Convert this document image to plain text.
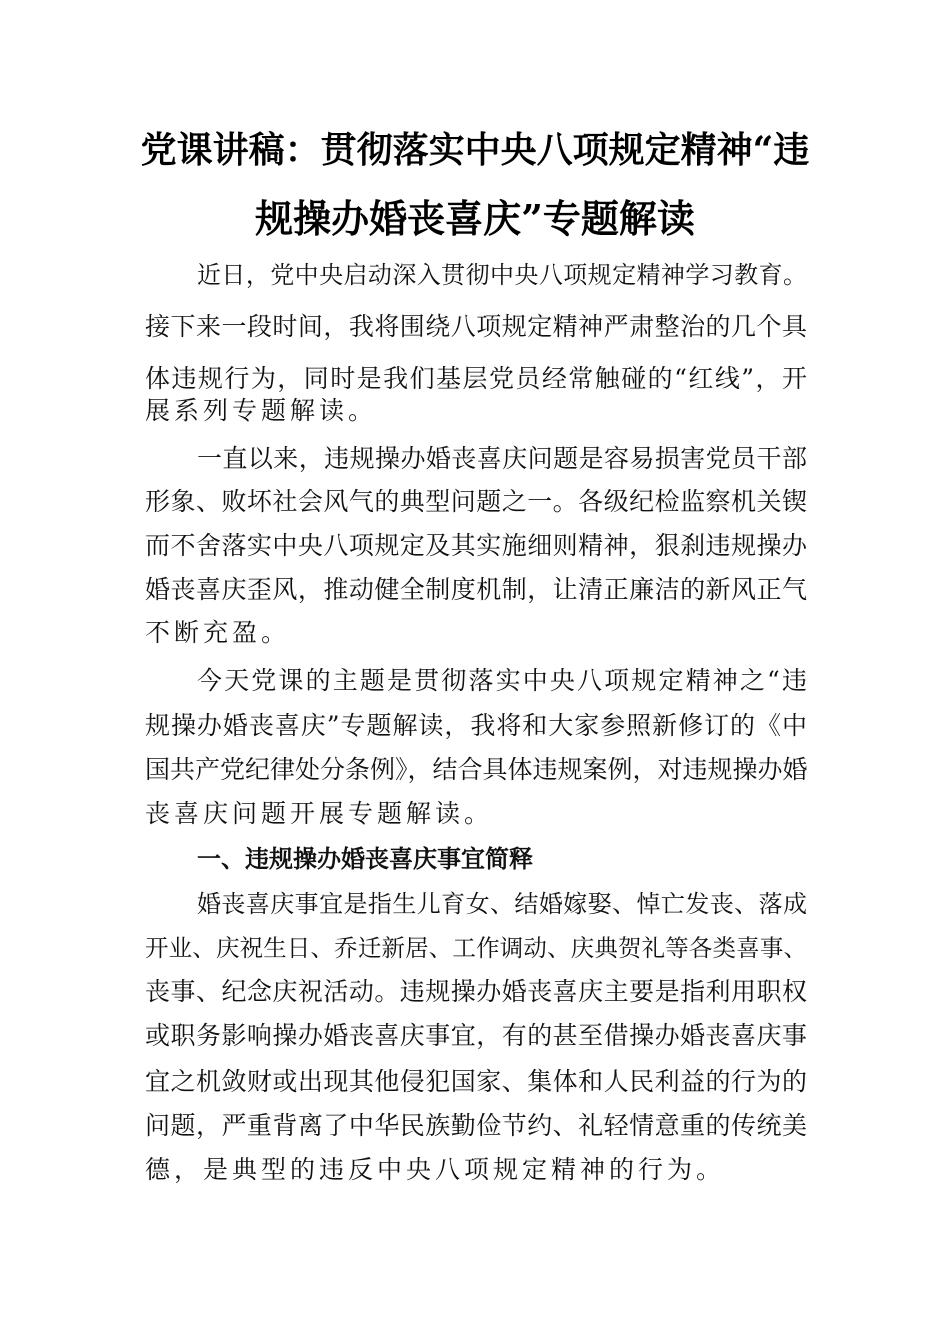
党课讲稿：贯彻落实中央八项规定精神“违
规操办婚丧喜庆”专题解读
近日，党中央启动深入贯彻中央八项规定精神学习教育。
接下来一段时间，我将围绕八项规定精神严肃整治的几个具
体违规行为，同时是我们基层党员经常触碰的“红线”，开
展系列专题解读。
一直以来，违规操办婚丧喜庆问题是容易损害党员干部
形象、败坏社会风气的典型问题之一。各级纪检监察机关锲
而不舍落实中央八项规定及其实施细则精神，狠刹违规操办
婚丧喜庆歪风，推动健全制度机制，让清正廉洁的新风正气
不断充盈。
今天党课的主题是贯彻落实中央八项规定精神之“违
规操办婚丧喜庆”专题解读，我将和大家参照新修订的《中
国共产党纪律处分条例》，结合具体违规案例，对违规操办婚
丧喜庆问题开展专题解读。
一、违规操办婚丧喜庆事宜简释
婚丧喜庆事宜是指生儿育女、结婚嫁娶、悼亡发丧、落成
开业、庆祝生日、乔迁新居、工作调动、庆典贺礼等各类喜事、
丧事、纪念庆祝活动。违规操办婚丧喜庆主要是指利用职权
或职务影响操办婚丧喜庆事宜，有的甚至借操办婚丧喜庆事
宜之机敛财或出现其他侵犯国家、集体和人民利益的行为的
问题，严重背离了中华民族勤俭节约、礼轻情意重的传统美
德，是典型的违反中央八项规定精神的行为。
